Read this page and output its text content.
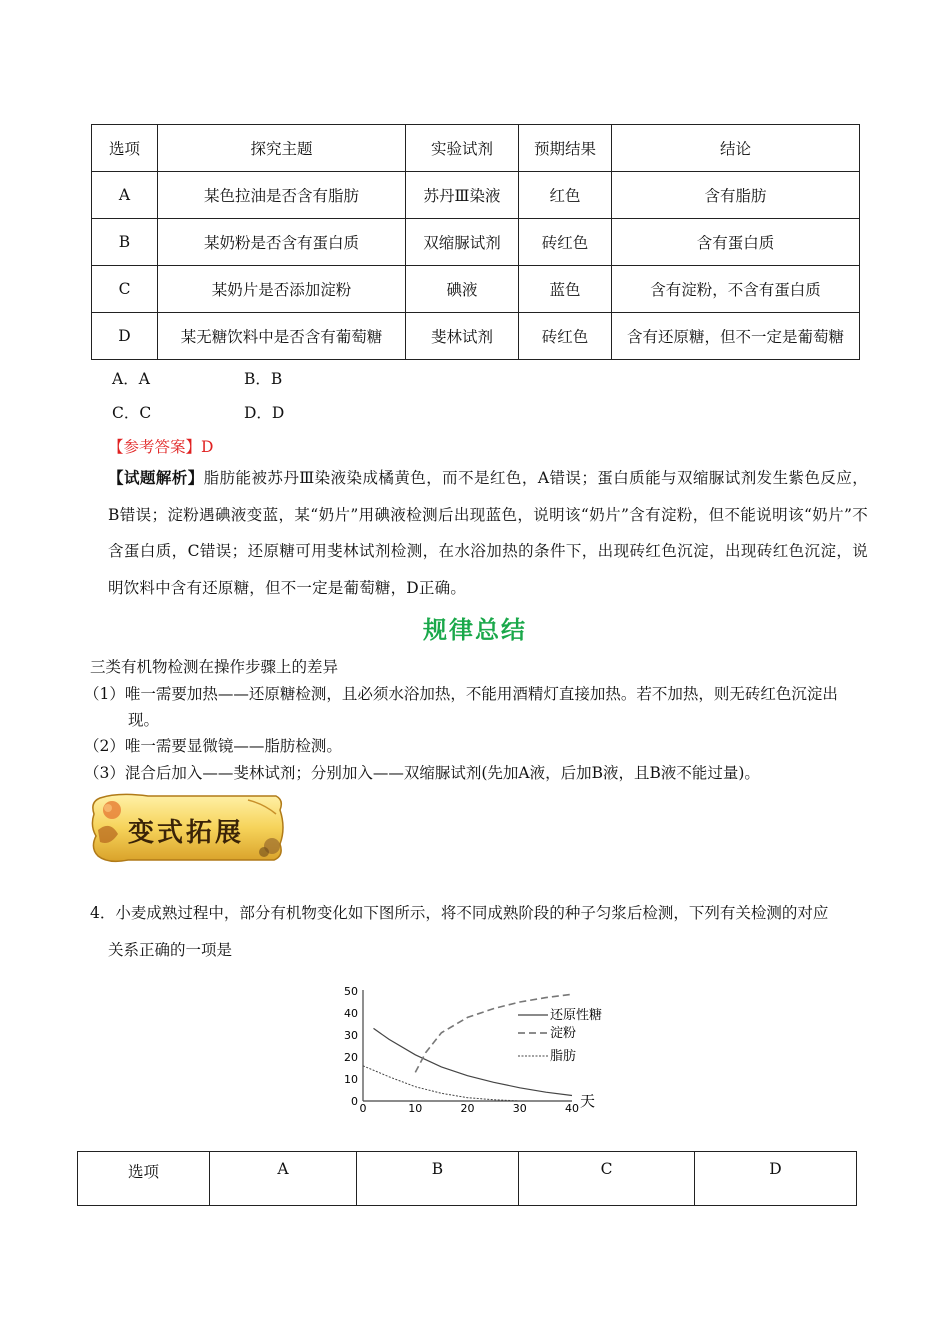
选项	探究主题	实验试剂	预期结果	结论
A	某色拉油是否含有脂肪	苏丹Ⅲ染液	红色	含有脂肪
B	某奶粉是否含有蛋白质	双缩脲试剂	砖红色	含有蛋白质
C	某奶片是否添加淀粉	碘液	蓝色	含有淀粉，不含有蛋白质
D	某无糖饮料中是否含有葡萄糖	斐林试剂	砖红色	含有还原糖，但不一定是葡萄糖
A．A	B．B
C．C	D．D
【参考答案】D
【试题解析】脂肪能被苏丹Ⅲ染液染成橘黄色，而不是红色，A错误；蛋白质能与双缩脲试剂发生紫色反应，B错误；淀粉遇碘液变蓝，某“奶片”用碘液检测后出现蓝色，说明该“奶片”含有淀粉，但不能说明该“奶片”不含蛋白质，C错误；还原糖可用斐林试剂检测，在水浴加热的条件下，出现砖红色沉淀，出现砖红色沉淀，说明饮料中含有还原糖，但不一定是葡萄糖，D正确。
规律总结
三类有机物检测在操作步骤上的差异
（1）唯一需要加热——还原糖检测，且必须水浴加热，不能用酒精灯直接加热。若不加热，则无砖红色沉淀出
现。
（2）唯一需要显微镜——脂肪检测。
（3）混合后加入——斐林试剂；分别加入——双缩脲试剂(先加A液，后加B液，且B液不能过量)。
变式拓展
4．小麦成熟过程中，部分有机物变化如下图所示，将不同成熟阶段的种子匀浆后检测，下列有关检测的对应
关系正确的一项是
0
10
20
30
40
50
0	10	20	30	40 天
还原性糖
淀粉
脂肪
选项	A	B	C	D
